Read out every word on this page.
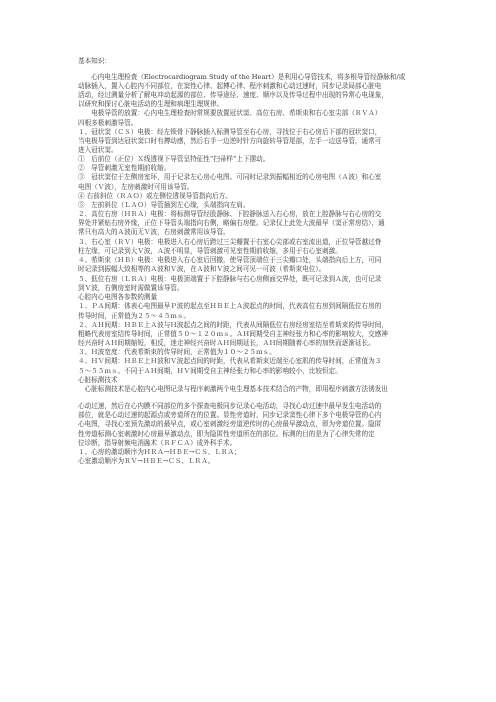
基本知识：

　　心内电生理检查（Electrocardiogram Study of the Heart）是利用心导管技术，将多根导管经静脉和/或

动脉插入，置入心腔内不同部位，在窦性心律、起搏心律、程序刺激和心动过速时，同步记录局部心脏电

活动，经过测量分析了解电冲动起源的部位、传导途径、速度、顺序以及传导过程中出现的异常心电现象，

以研究和探讨心脏电活动的生理和病理生理规律。

　　电极导管的放置：心内电生理检查时常规要放置冠状窦、高位右房、希斯束和右心室尖部（ＲＶＡ）

四根多极刺激导管。

１、冠状窦（ＣＳ）电极：经左锁骨下静脉插入标测导管至右心房，寻找位于右心房后下部的冠状窦口，

当电极导管到达冠状窦口时有搏动感，然后右手一边逆时针方向旋转导管尾部，左手一边送导管，通常可

进入冠状窦。

①　后前位（正位）Ｘ线透视下导管呈特征性“扫帚样”上下摆动。

②　导管刺激无室性期前收缩。

③　冠状窦位于左侧房室环，用于记录左心房心电图。可同时记录到振幅相近的心房电图（Ａ波）和心室

电图（Ｖ波），左房刺激时可用该导管。

④ 右前斜位（ＲＡＯ）或左侧位透视导管指向后方。

⑤　左前斜位（ＬＡＯ）导管插到左心缘，头端指向左肩。

２、高位右房（ＨＲＡ）电极：将标测导管经股静脉、下腔静脉送入右心房，放在上腔静脉与右心房的交

界处并紧贴右房外缘，正位下导管头端指向右侧，略偏右房壁。记录仅上此处大波最早（窦正常房结），通

常只有高大的Ａ波而无Ｖ波，右房刺激常用该导管。

３、右心室（ＲＶ）电极：电极进入右心房后跨过三尖瓣置于右室心尖部或右室流出道，正位导管越过脊

柱左缘，可记录到大Ｖ波，Ａ波不明显，导管刺激可见室性期前收缩，多用于右心室刺激。

４、希斯束（ＨＢ）电极：电极进入右心室后回撤，使导管顶端位于三尖瓣口处，头端指向后上方，可同

时记录到振幅大致相等的Ａ波和Ｖ波，在Ａ波和Ｖ波之间可见一可波（希斯束电位）。

５、低位右房（ＬＲＡ）电极：电极顶端置于下腔静脉与右心房侧面交界处，既可记录到Ａ波，也可记录

到Ｖ波，右侧房室时需做置该导管。

心腔内心电图各参数的测量

１、ＰＡ间期：体表心电图最早Ｐ波的起点至ＨＢＥ上Ａ波起点的时间，代表高位右房到间隔低位右房的

传导时间，正常值为２５～４５ｍｓ。

２、ＡＨ间期：ＨＢＥ上Ａ波与Ｈ波起点之间的时距，代表从间隔低位右房经房室结至希斯束的传导时间，

粗略代表房室结传导时间，正常值５０～１２０ｍｓ。ＡＨ间期受自主神经张力和心率的影响较大，交感神

经兴奋时ＡＨ间期缩短，相反，迷走神经兴奋时ＡＨ间期延长，ＡＨ间期随着心率的加快而逐渐延长。

３、Ｈ波宽度：代表希斯束的传导时间，正常值为１０～２５ｍｓ。

４、ＨＶ间期：ＨＢＥ上Ｈ波和Ｖ波起点间的时距，代表从希斯束近端至心室肌的传导时间，正常值为３

５～５５ｍｓ。不同于ＡＨ间期，ＨＶ间期受自主神经张力和心率的影响较小，比较恒定。

心脏标测技术

　心脏标测技术是心腔内心电图记录与程序刺激两个电生理基本技术结合的产物，即用程序刺激方法诱发出

心动过速，然后在心内膜不同部位的多个探查电极同步记录心电活动，寻找心动过速中最早发生电活动的

部位，就是心动过速的起源点或旁道所在的位置。显性旁道时，同步记录窦性心律下多个电极导管的心内

心电图，寻找心室预先激动的最早点，或心室刺激经旁道逆传时的心房最早激动点，即为旁道位置。隐匿

性旁道标测心室刺激时心房最早激动点，即为隐匿性旁道所在的部位。标测的目的是为了心律失常的定

位诊断，指导射频电消融术（ＲＦＣＡ）成外科手术。

１、心房的激动顺序为ＨＲＡ→ＨＢＥ→ＣＳ、ＬＲＡ；

心室激动顺序为ＲＶ→ＨＢＥ→ＣＳ、ＬＲＡ。
